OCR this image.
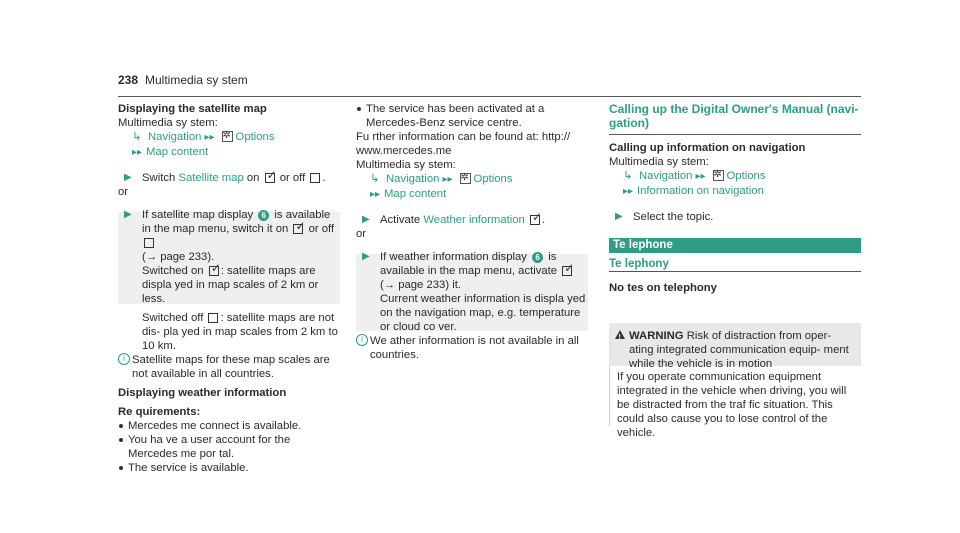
238 Multimedia sy stem

Displaying the satellite map

Multimedia sy stem:

↳ Navigation ▸▸ ✲ Options

▸▸ Map content

▶ Switch Satellite map on ✓ or off .

or

▶ If satellite map display 6 is available in the map menu, switch it on ✓ or off
(→ page 233).
Switched on ✓: satellite maps are displa yed in map scales of 2 km or less.

Switched off : satellite maps are not dis‐ pla yed in map scales from 2 km to 10 km.

i Satellite maps for these map scales are not available in all countries.

Displaying weather information

Re quirements:

Mercedes me connect is available.

You ha ve a user account for the Mercedes me por tal.

The service is available.

The service has been activated at a Mercedes-Benz service centre.

Fu rther information can be found at: http:// www.mercedes.me

Multimedia sy stem:

↳ Navigation ▸▸ ✲ Options

▸▸ Map content

▶ Activate Weather information ✓ .

or

▶ If weather information display 6 is available in the map menu, activate ✓(→ page 233) it.
Current weather information is displa yed on the navigation map, e.g. temperature or cloud co ver.

i We ather information is not available in all countries.

Calling up the Digital Owner's Manual (navi‐ gation)

Calling up information on navigation

Multimedia sy stem:

↳ Navigation ▸▸ ✲ Options

▸▸ Information on navigation

▶ Select the topic.

Te lephone
Te lephony
No tes on telephony
!
WARNING Risk of distraction from oper‐ ating integrated communication equip‐ ment while the vehicle is in motion
If you operate communication equipment integrated in the vehicle when driving, you will be distracted from the traf fic situation. This could also cause you to lose control of the vehicle.
